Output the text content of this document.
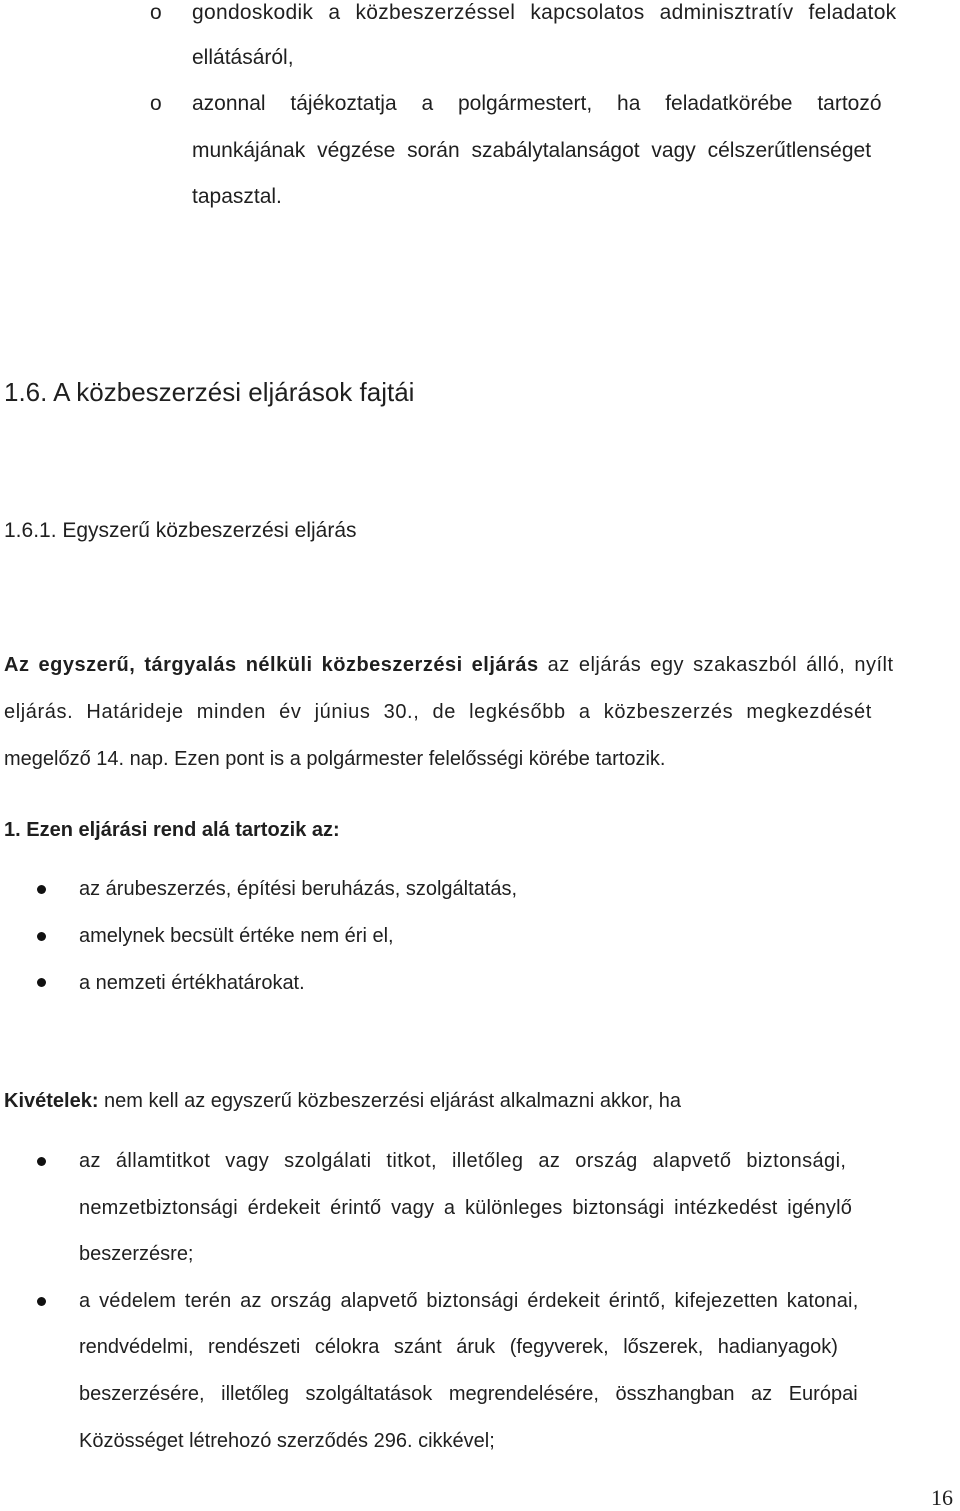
o gondoskodik a közbeszerzéssel kapcsolatos adminisztratív feladatok
ellátásáról,
o azonnal tájékoztatja a polgármestert, ha feladatkörébe tartozó
munkájának végzése során szabálytalanságot vagy célszerűtlenséget
tapasztal.
1.6. A közbeszerzési eljárások fajtái
1.6.1. Egyszerű közbeszerzési eljárás
Az egyszerű, tárgyalás nélküli közbeszerzési eljárás az eljárás egy szakaszból álló, nyílt
eljárás. Határideje minden év június 30., de legkésőbb a közbeszerzés megkezdését
megelőző 14. nap. Ezen pont is a polgármester felelősségi körébe tartozik.
1. Ezen eljárási rend alá tartozik az:
az árubeszerzés, építési beruházás, szolgáltatás,
amelynek becsült értéke nem éri el,
a nemzeti értékhatárokat.
Kivételek: nem kell az egyszerű közbeszerzési eljárást alkalmazni akkor, ha
az államtitkot vagy szolgálati titkot, illetőleg az ország alapvető biztonsági,
nemzetbiztonsági érdekeit érintő vagy a különleges biztonsági intézkedést igénylő
beszerzésre;
a védelem terén az ország alapvető biztonsági érdekeit érintő, kifejezetten katonai,
rendvédelmi, rendészeti célokra szánt áruk (fegyverek, lőszerek, hadianyagok)
beszerzésére, illetőleg szolgáltatások megrendelésére, összhangban az Európai
Közösséget létrehozó szerződés 296. cikkével;
16
